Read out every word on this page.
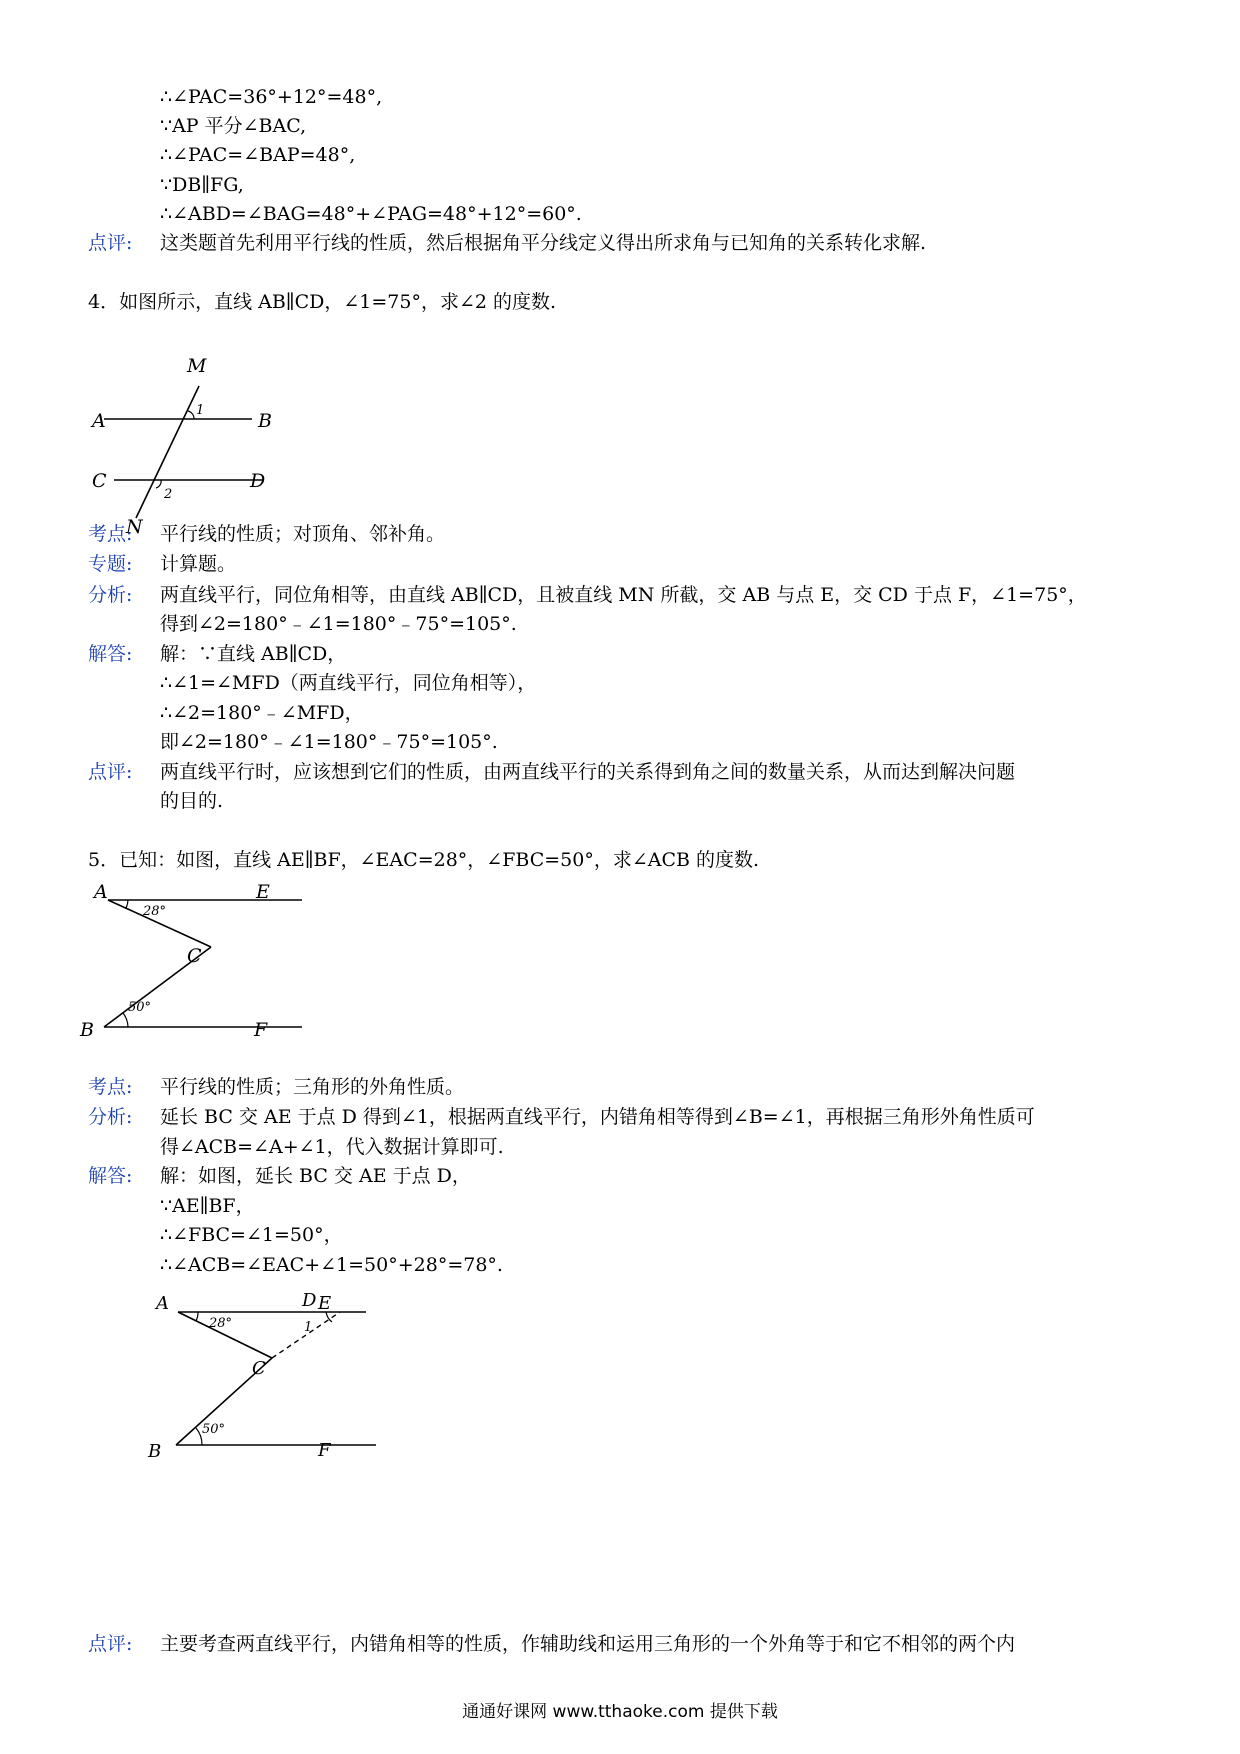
∴∠PAC=36°+12°=48°,
∵AP 平分∠BAC,
∴∠PAC=∠BAP=48°,
∵DB∥FG,
∴∠ABD=∠BAG=48°+∠PAG=48°+12°=60°.
点评: 这类题首先利用平行线的性质，然后根据角平分线定义得出所求角与已知角的关系转化求解.
4．如图所示，直线 AB∥CD，∠1=75°，求∠2 的度数.
M
A	B
C	D
N
1
2
考点: 平行线的性质；对顶角、邻补角。
专题: 计算题。
分析: 两直线平行，同位角相等，由直线 AB∥CD，且被直线 MN 所截，交 AB 与点 E，交 CD 于点 F，∠1=75°，
得到∠2=180°﹣∠1=180°﹣75°=105°.
解答: 解：∵直线 AB∥CD，
∴∠1=∠MFD（两直线平行，同位角相等），
∴∠2=180°﹣∠MFD，
即∠2=180°﹣∠1=180°﹣75°=105°.
点评: 两直线平行时，应该想到它们的性质，由两直线平行的关系得到角之间的数量关系，从而达到解决问题
的目的.
5．已知：如图，直线 AE∥BF，∠EAC=28°，∠FBC=50°，求∠ACB 的度数.
A	E
C
B	F
28°
50°
考点: 平行线的性质；三角形的外角性质。
分析: 延长 BC 交 AE 于点 D 得到∠1，根据两直线平行，内错角相等得到∠B=∠1，再根据三角形外角性质可
得∠ACB=∠A+∠1，代入数据计算即可.
解答: 解：如图，延长 BC 交 AE 于点 D，
∵AE∥BF，
∴∠FBC=∠1=50°，
∴∠ACB=∠EAC+∠1=50°+28°=78°.
A	D E
C
B	F
28°	1
50°
点评: 主要考查两直线平行，内错角相等的性质，作辅助线和运用三角形的一个外角等于和它不相邻的两个内
通通好课网 www.tthaoke.com 提供下载
